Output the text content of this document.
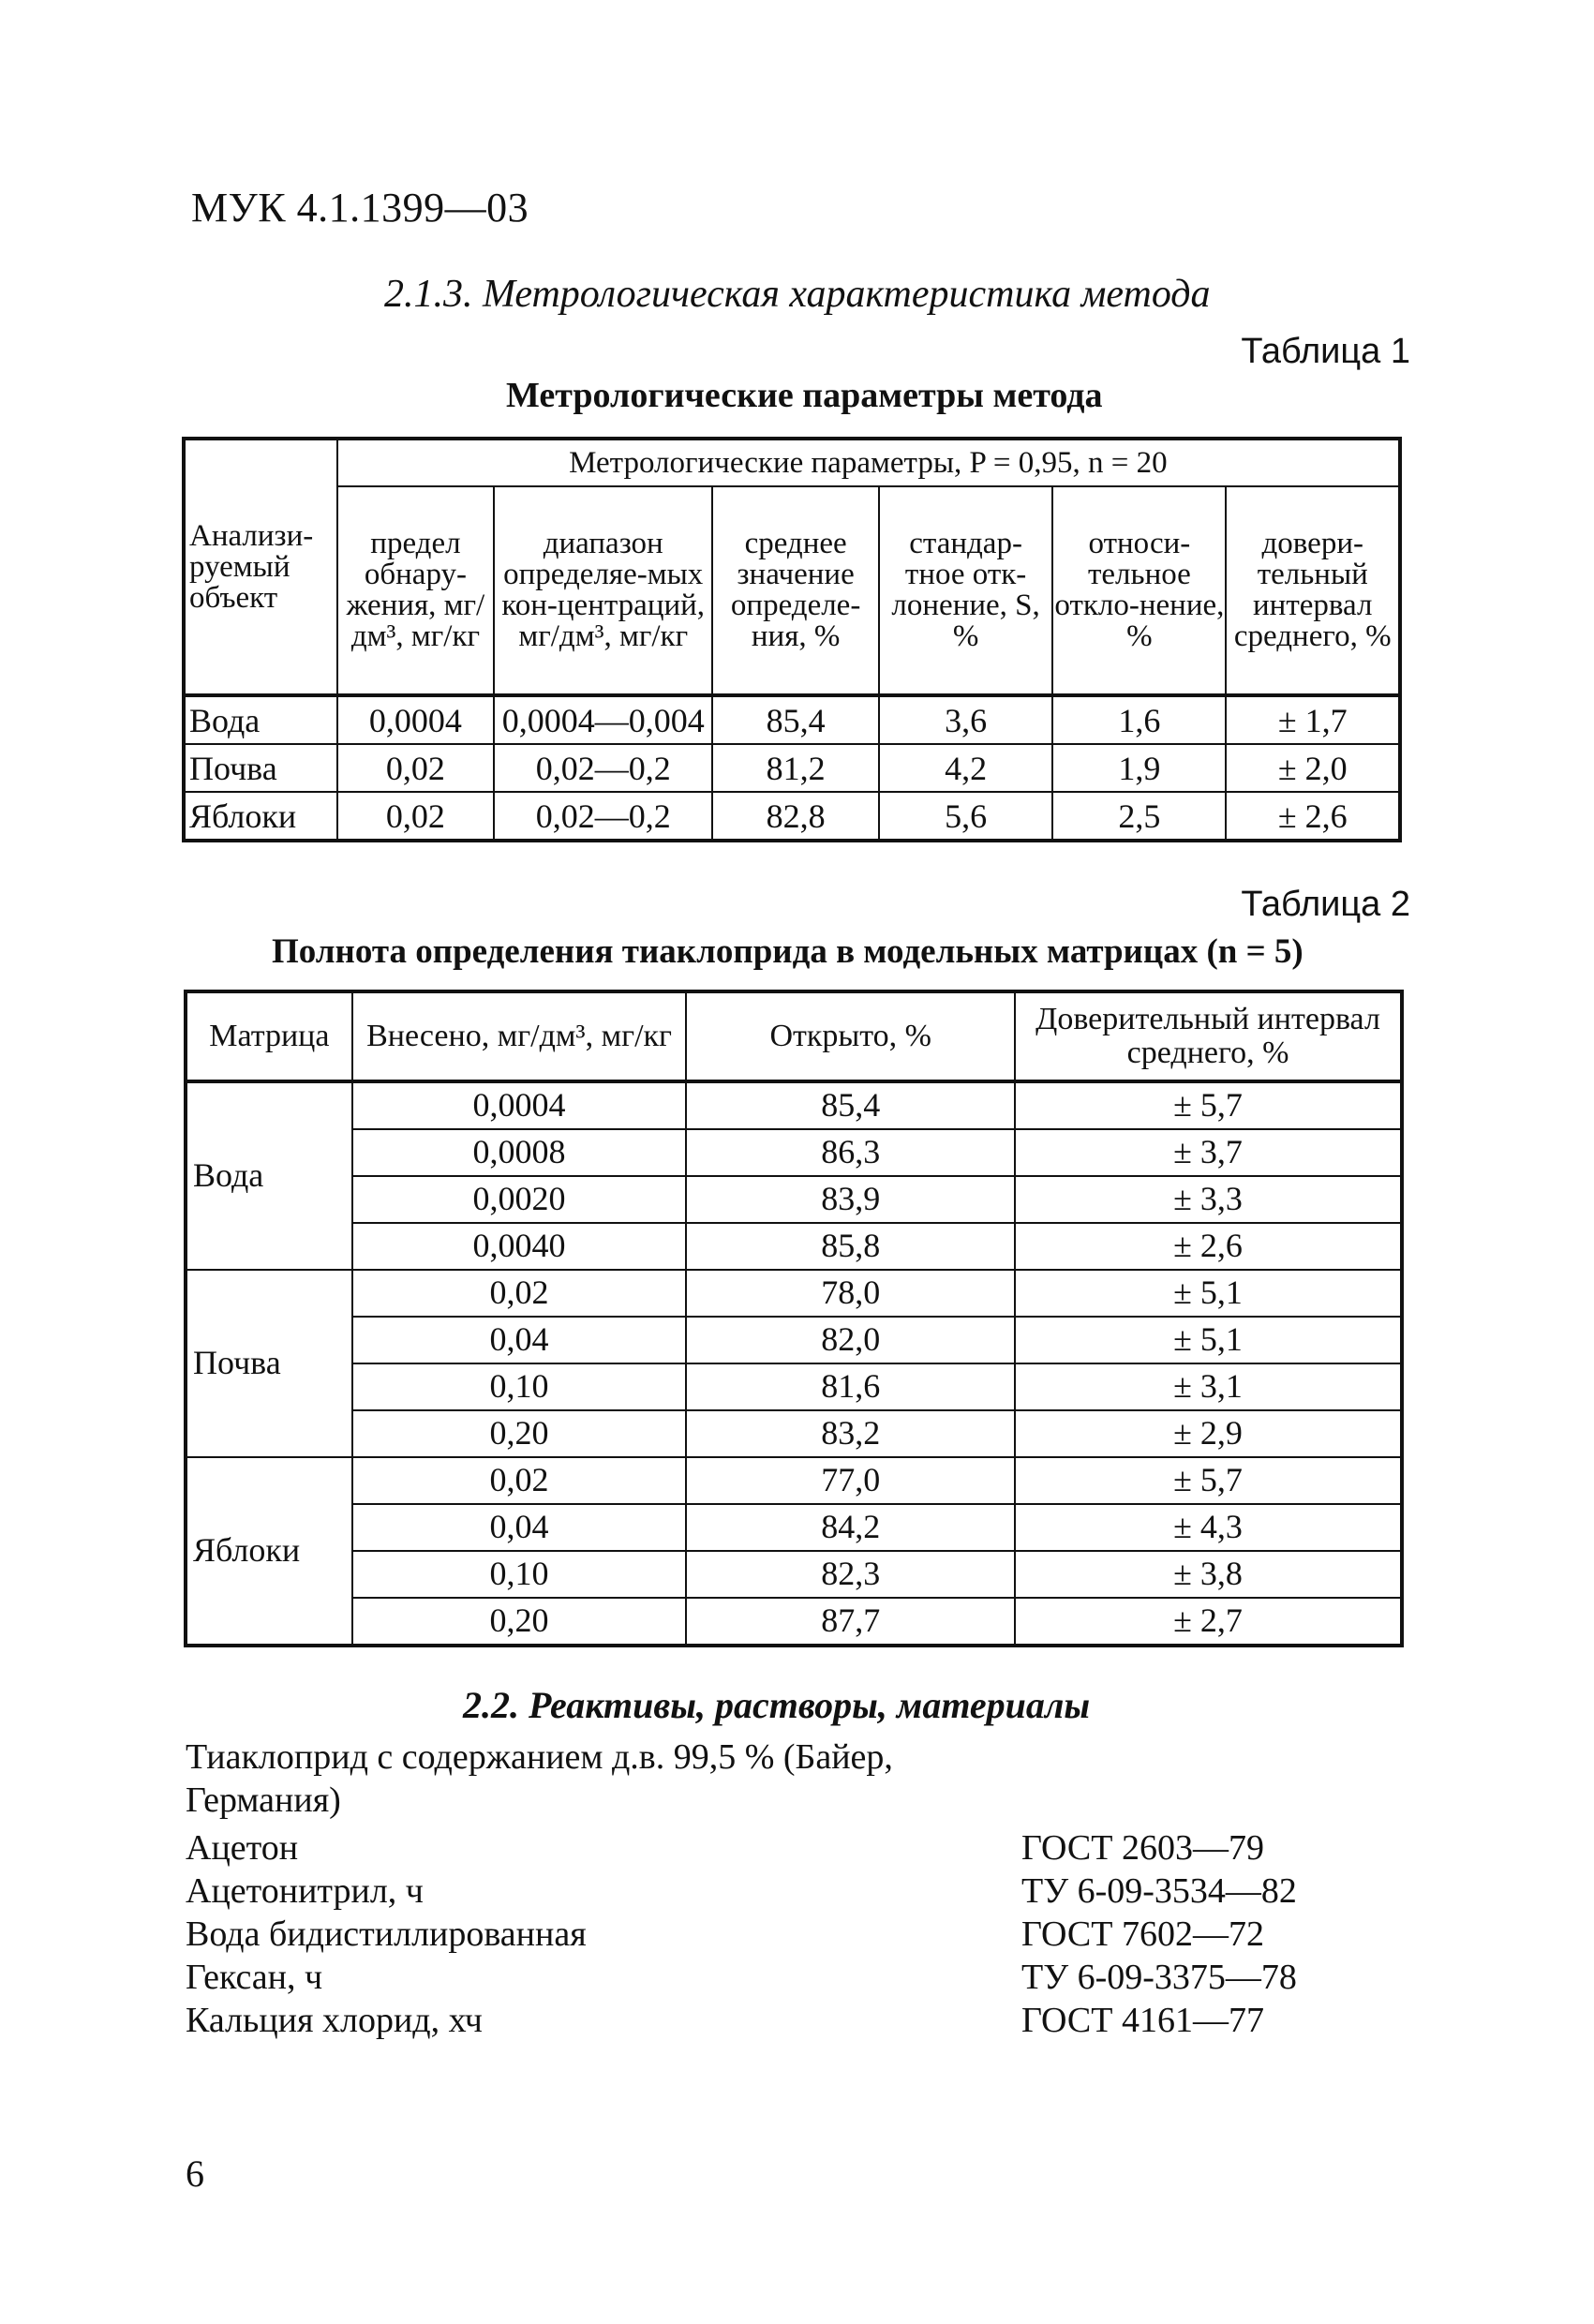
МУК 4.1.1399—03
2.1.3. Метрологическая характеристика метода
Таблица 1
Метрологические параметры метода
Анализи-руемый объект	Метрологические параметры, P = 0,95, n = 20					
	предел обнару-жения, мг/дм³, мг/кг	диапазон определяе-мых кон-центраций, мг/дм³, мг/кг	среднее значение определе-ния, %	стандар-тное отк-лонение, S, %	относи-тельное откло-нение, %	довери-тельный интервал среднего, %
Вода	0,0004	0,0004—0,004	85,4	3,6	1,6	± 1,7
Почва	0,02	0,02—0,2	81,2	4,2	1,9	± 2,0
Яблоки	0,02	0,02—0,2	82,8	5,6	2,5	± 2,6
Таблица 2
Полнота определения тиаклоприда в модельных матрицах (n = 5)
Матрица	Внесено, мг/дм³, мг/кг	Открыто, %	Доверительный интервал среднего, %
Вода	0,0004	85,4	± 5,7
	0,0008	86,3	± 3,7
	0,0020	83,9	± 3,3
	0,0040	85,8	± 2,6
Почва	0,02	78,0	± 5,1
	0,04	82,0	± 5,1
	0,10	81,6	± 3,1
	0,20	83,2	± 2,9
Яблоки	0,02	77,0	± 5,7
	0,04	84,2	± 4,3
	0,10	82,3	± 3,8
	0,20	87,7	± 2,7
2.2. Реактивы, растворы, материалы
Тиаклоприд с содержанием д.в. 99,5 % (Байер, Германия)
Ацетон	ГОСТ 2603—79
Ацетонитрил, ч	ТУ 6-09-3534—82
Вода бидистиллированная	ГОСТ 7602—72
Гексан, ч	ТУ 6-09-3375—78
Кальция хлорид, хч	ГОСТ 4161—77
6
